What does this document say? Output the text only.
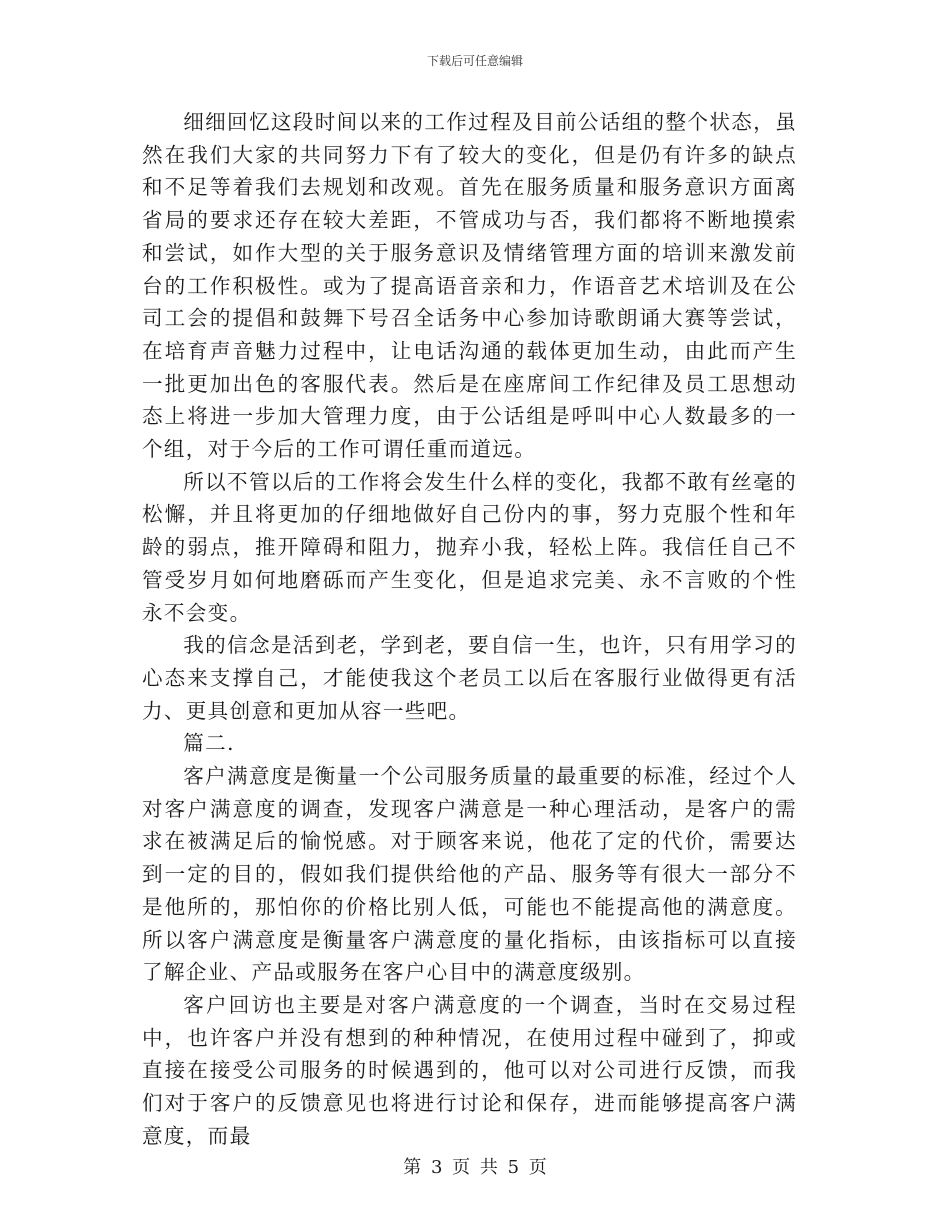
下载后可任意编辑

细细回忆这段时间以来的工作过程及目前公话组的整个状态，虽然在我们大家的共同努力下有了较大的变化，但是仍有许多的缺点和不足等着我们去规划和改观。首先在服务质量和服务意识方面离省局的要求还存在较大差距，不管成功与否，我们都将不断地摸索和尝试，如作大型的关于服务意识及情绪管理方面的培训来激发前台的工作积极性。或为了提高语音亲和力，作语音艺术培训及在公司工会的提倡和鼓舞下号召全话务中心参加诗歌朗诵大赛等尝试，在培育声音魅力过程中，让电话沟通的载体更加生动，由此而产生一批更加出色的客服代表。然后是在座席间工作纪律及员工思想动态上将进一步加大管理力度，由于公话组是呼叫中心人数最多的一个组，对于今后的工作可谓任重而道远。

所以不管以后的工作将会发生什么样的变化，我都不敢有丝毫的松懈，并且将更加的仔细地做好自己份内的事，努力克服个性和年龄的弱点，推开障碍和阻力，抛弃小我，轻松上阵。我信任自己不管受岁月如何地磨砾而产生变化，但是追求完美、永不言败的个性永不会变。

我的信念是活到老，学到老，要自信一生，也许，只有用学习的心态来支撑自己，才能使我这个老员工以后在客服行业做得更有活力、更具创意和更加从容一些吧。

篇二.

客户满意度是衡量一个公司服务质量的最重要的标准，经过个人对客户满意度的调查，发现客户满意是一种心理活动，是客户的需求在被满足后的愉悦感。对于顾客来说，他花了定的代价，需要达到一定的目的，假如我们提供给他的产品、服务等有很大一部分不是他所的，那怕你的价格比别人低，可能也不能提高他的满意度。所以客户满意度是衡量客户满意度的量化指标，由该指标可以直接了解企业、产品或服务在客户心目中的满意度级别。

客户回访也主要是对客户满意度的一个调查，当时在交易过程中，也许客户并没有想到的种种情况，在使用过程中碰到了，抑或直接在接受公司服务的时候遇到的，他可以对公司进行反馈，而我们对于客户的反馈意见也将进行讨论和保存，进而能够提高客户满意度，而最

第 3 页 共 5 页
